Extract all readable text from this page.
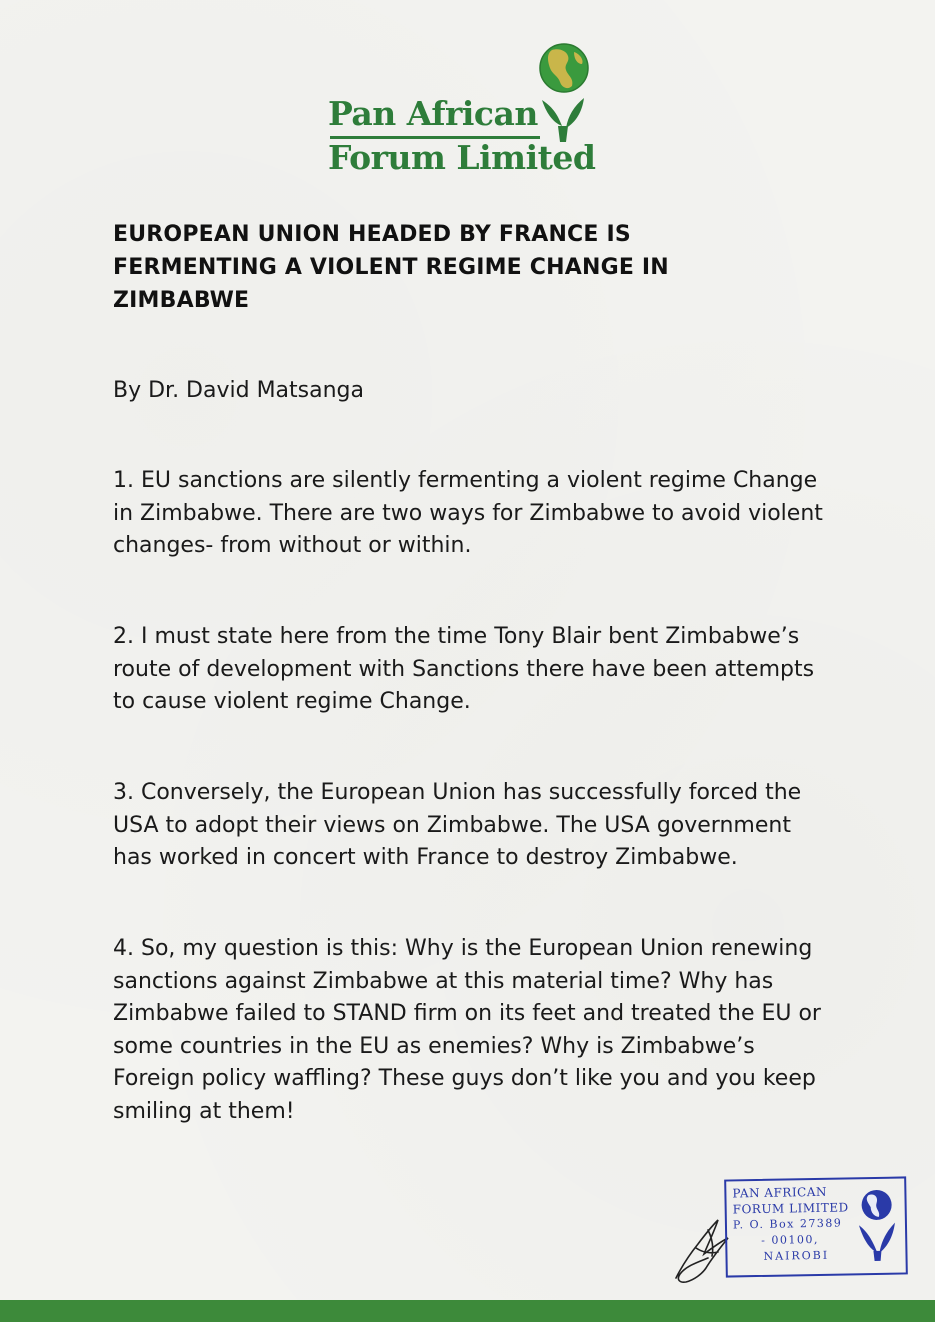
Pan African
Forum Limited
EUROPEAN UNION HEADED BY FRANCE IS FERMENTING A VIOLENT REGIME CHANGE IN ZIMBABWE
By Dr. David Matsanga
1. EU sanctions are silently fermenting a violent regime Change in Zimbabwe. There are two ways for Zimbabwe to avoid violent changes- from without or within.
2. I must state here from the time Tony Blair bent Zimbabwe’s route of development with Sanctions there have been attempts to cause violent regime Change.
3. Conversely, the European Union has successfully forced the USA to adopt their views on Zimbabwe. The USA government has worked in concert with France to destroy Zimbabwe.
4. So, my question is this: Why is the European Union renewing sanctions against Zimbabwe at this material time? Why has Zimbabwe failed to STAND firm on its feet and treated the EU or some countries in the EU as enemies? Why is Zimbabwe’s Foreign policy waffling? These guys don’t like you and you keep smiling at them!
PAN AFRICAN
FORUM LIMITED
P. O. Box 27389
- 00100,
NAIROBI
